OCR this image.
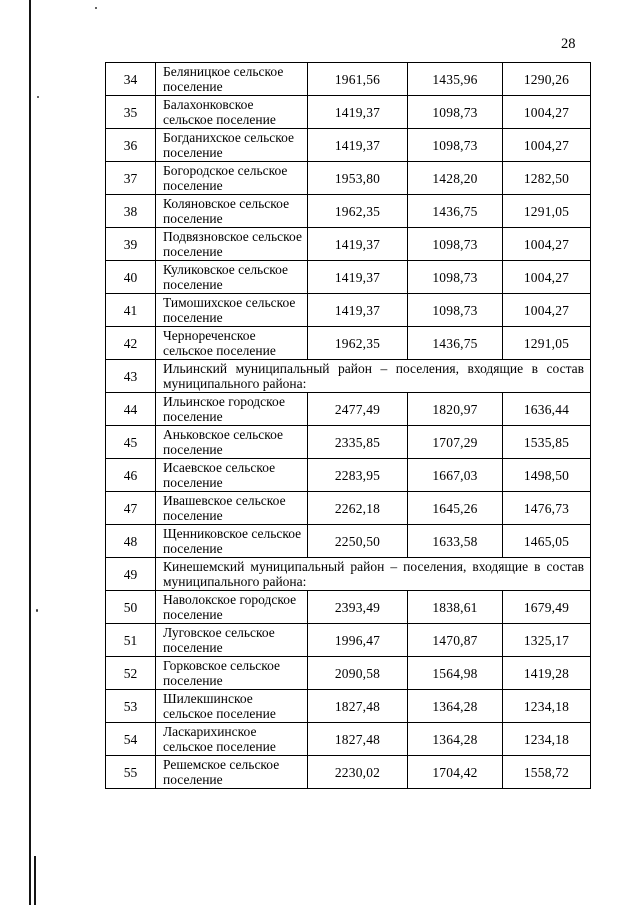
28
34	Беляницкое сельское поселение	1961,56	1435,96	1290,26
35	Балахонковское сельское поселение	1419,37	1098,73	1004,27
36	Богданихское сельское поселение	1419,37	1098,73	1004,27
37	Богородское сельское поселение	1953,80	1428,20	1282,50
38	Коляновское сельское поселение	1962,35	1436,75	1291,05
39	Подвязновское сельское поселение	1419,37	1098,73	1004,27
40	Куликовское сельское поселение	1419,37	1098,73	1004,27
41	Тимошихское сельское поселение	1419,37	1098,73	1004,27
42	Чернореченское сельское поселение	1962,35	1436,75	1291,05
43	Ильинский муниципальный район – поселения, входящие в состав муниципального района:			
44	Ильинское городское поселение	2477,49	1820,97	1636,44
45	Аньковское сельское поселение	2335,85	1707,29	1535,85
46	Исаевское сельское поселение	2283,95	1667,03	1498,50
47	Ивашевское сельское поселение	2262,18	1645,26	1476,73
48	Щенниковское сельское поселение	2250,50	1633,58	1465,05
49	Кинешемский муниципальный район – поселения, входящие в состав муниципального района:			
50	Наволокское городское поселение	2393,49	1838,61	1679,49
51	Луговское сельское поселение	1996,47	1470,87	1325,17
52	Горковское сельское поселение	2090,58	1564,98	1419,28
53	Шилекшинское сельское поселение	1827,48	1364,28	1234,18
54	Ласкарихинское сельское поселение	1827,48	1364,28	1234,18
55	Решемское сельское поселение	2230,02	1704,42	1558,72
